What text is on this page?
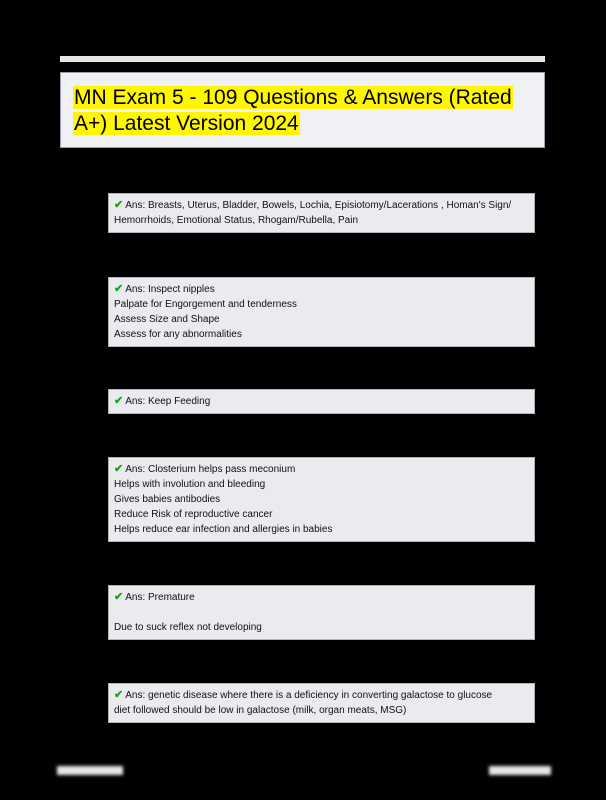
MN Exam 5 - 109 Questions & Answers (Rated A+) Latest Version 2024
✔ Ans: Breasts, Uterus, Bladder, Bowels, Lochia, Episiotomy/Lacerations , Homan's Sign/
Hemorrhoids, Emotional Status, Rhogam/Rubella, Pain
✔ Ans: Inspect nipples
Palpate for Engorgement and tenderness
Assess Size and Shape
Assess for any abnormalities
✔ Ans: Keep Feeding
✔ Ans: Closterium helps pass meconium
Helps with involution and bleeding
Gives babies antibodies
Reduce Risk of reproductive cancer
Helps reduce ear infection and allergies in babies
✔ Ans: Premature
Due to suck reflex not developing
✔ Ans: genetic disease where there is a deficiency in converting galactose to glucose
diet followed should be low in galactose (milk, organ meats, MSG)
